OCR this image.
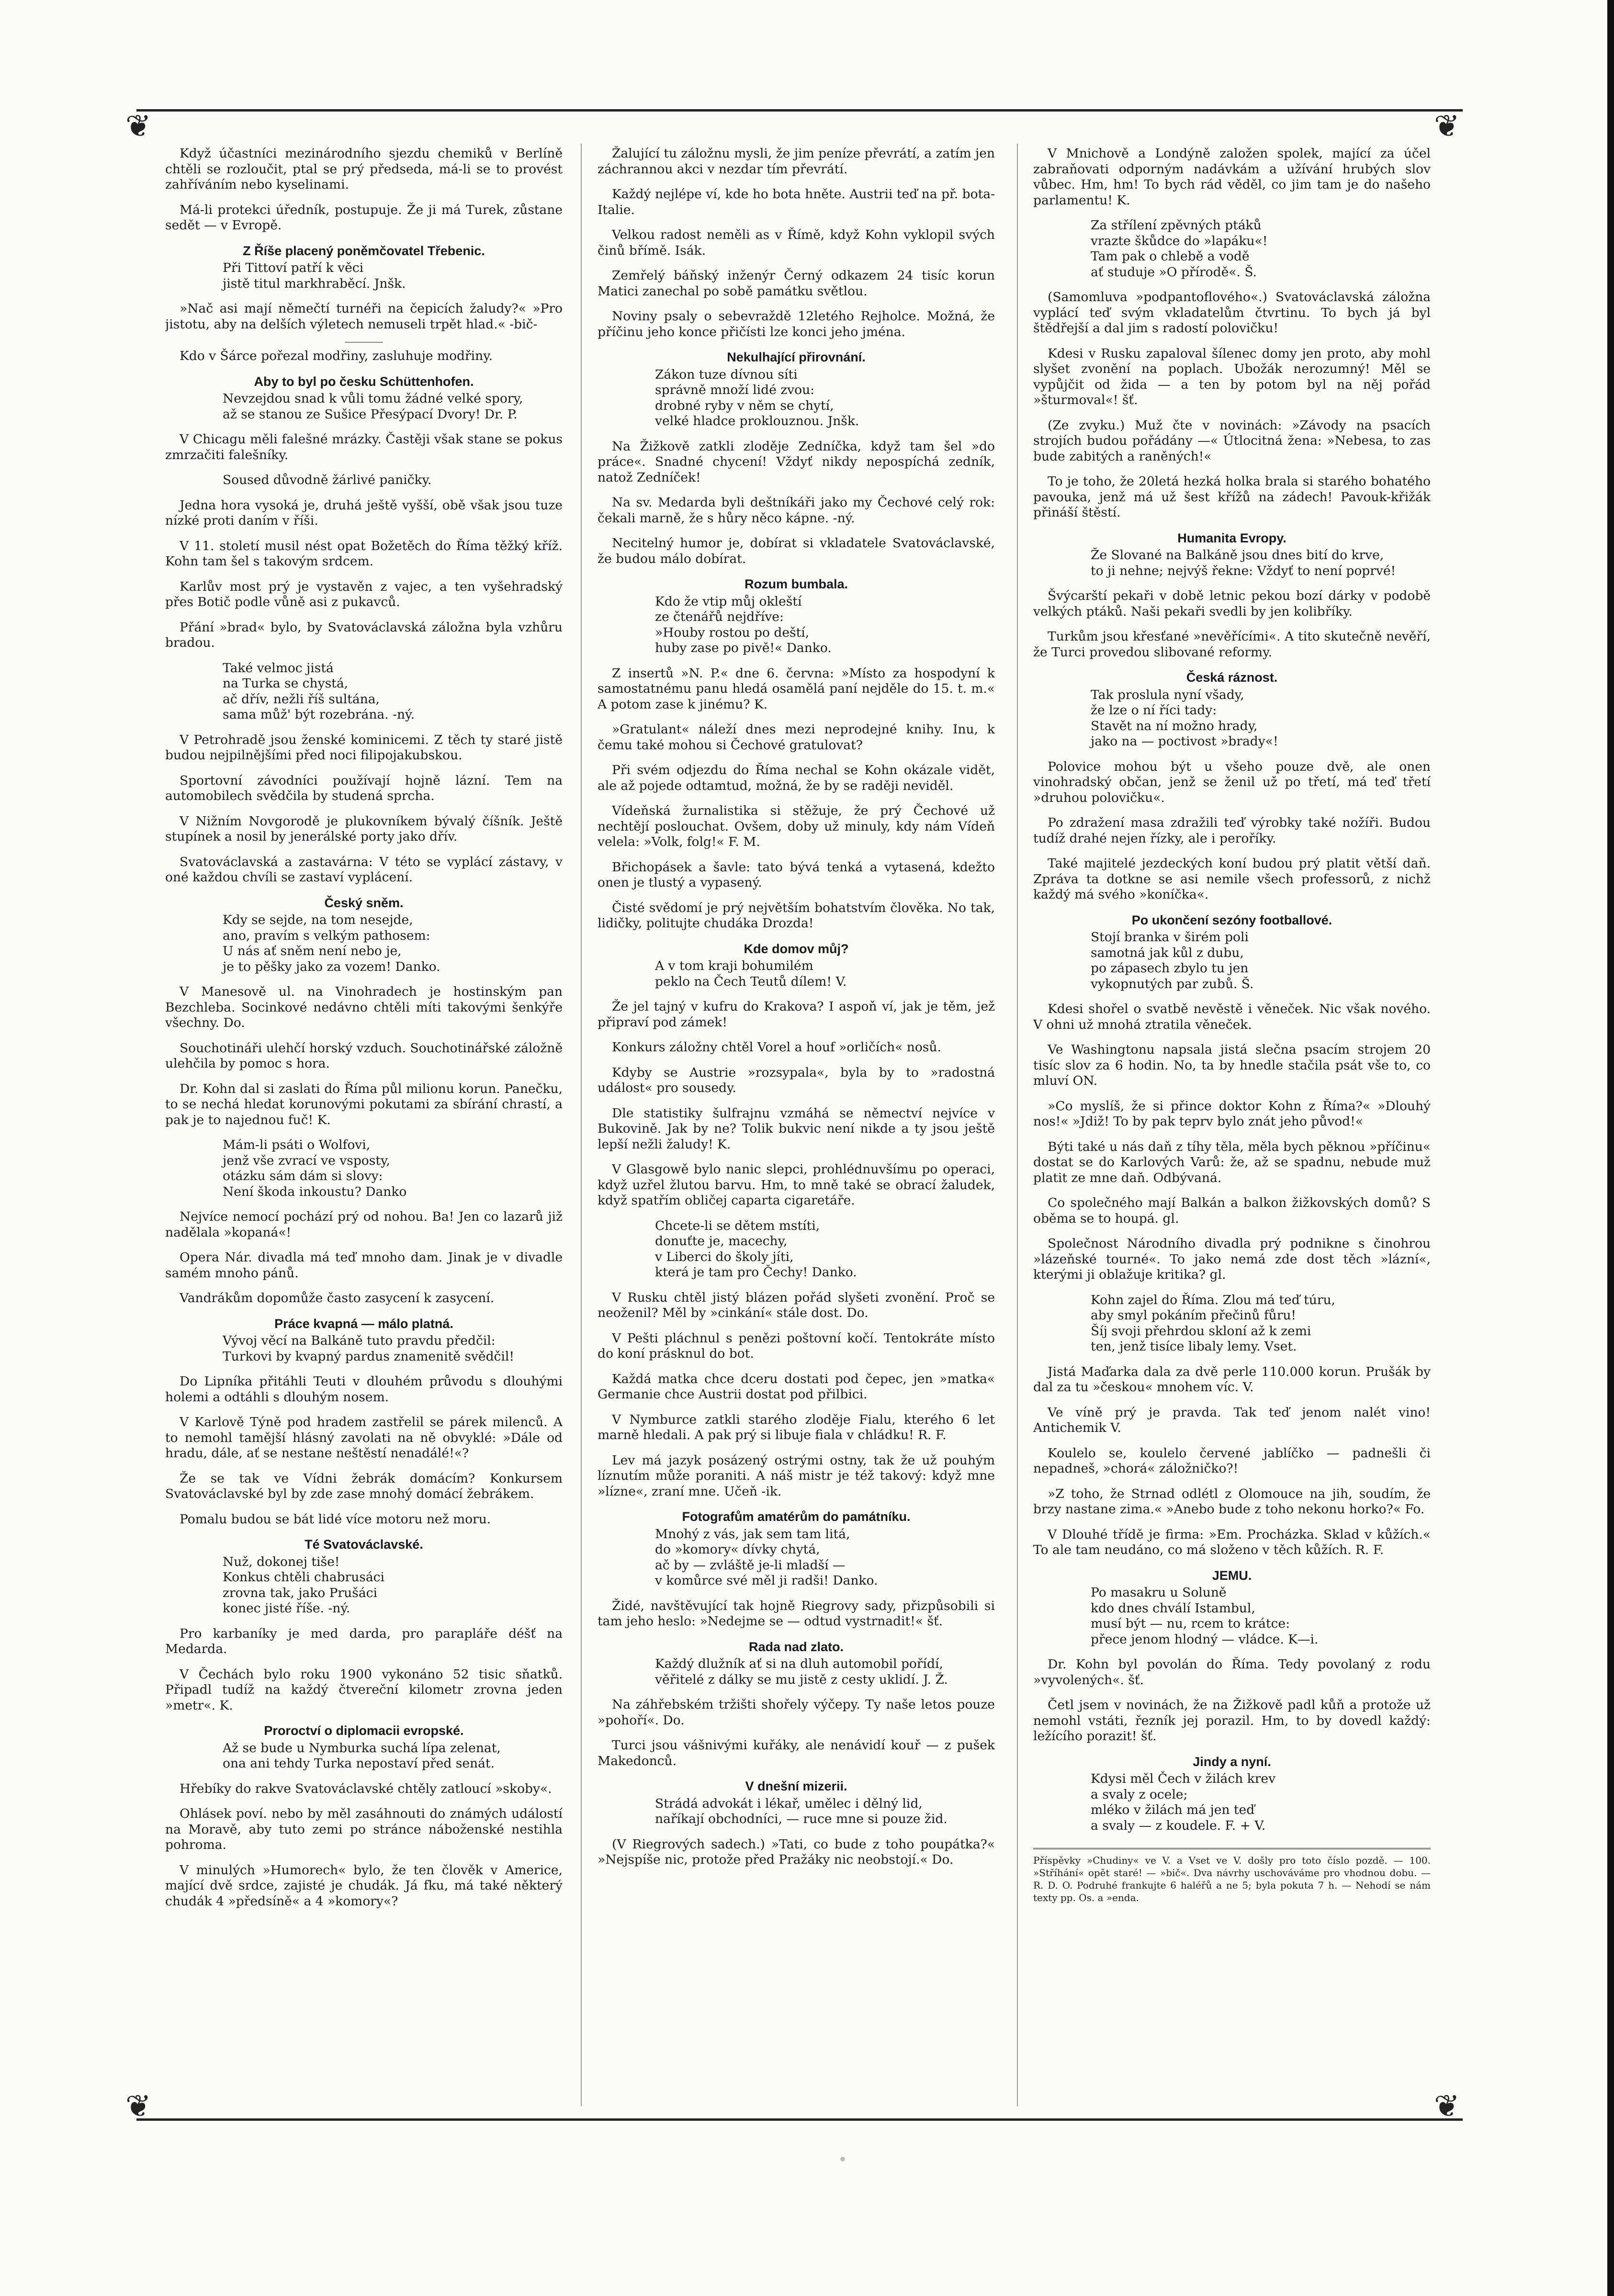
❦	❦
❦	❦
Když účastníci mezinárodního sjezdu chemiků v Berlíně chtěli se rozloučit, ptal se prý předseda, má-li se to provést zahříváním nebo kyselinami.
Má-li protekci úředník, postupuje. Že ji má Turek, zůstane sedět — v Evropě.
Z Říše placený poněmčovatel Třebenic.
Při Tittoví patří k věci
jistě titul markhraběcí. Jnšk.
»Nač asi mají němečtí turnéři na čepicích žaludy?« »Pro jistotu, aby na delších výletech nemuseli trpět hlad.« -bič-
Kdo v Šárce pořezal modřiny, zasluhuje modřiny.
Aby to byl po česku Schüttenhofen.
Nevzejdou snad k vůli tomu žádné velké spory,
až se stanou ze Sušice Přesýpací Dvory! Dr. P.
V Chicagu měli falešné mrázky. Častěji však stane se pokus zmrzačiti falešníky.
Soused důvodně žárlivé paničky.
Jedna hora vysoká je, druhá ještě vyšší, obě však jsou tuze nízké proti daním v říši.
V 11. století musil nést opat Božetěch do Říma těžký kříž. Kohn tam šel s takovým srdcem.
Karlův most prý je vystavěn z vajec, a ten vyšehradský přes Botič podle vůně asi z pukavců.
Přání »brad« bylo, by Svatováclavská záložna byla vzhůru bradou.
Také velmoc jistá
na Turka se chystá,
ač dřív, nežli říš sultána,
sama můž' být rozebrána. -ný.
V Petrohradě jsou ženské kominicemi. Z těch ty staré jistě budou nejpilnějšími před noci filipojakubskou.
Sportovní závodníci používají hojně lázní. Tem na automobilech svědčila by studená sprcha.
V Nižním Novgorodě je plukovníkem bývalý číšník. Ještě stupínek a nosil by jenerálské porty jako dřív.
Svatováclavská a zastavárna: V této se vyplácí zástavy, v oné každou chvíli se zastaví vyplácení.
Český sněm.
Kdy se sejde, na tom nesejde,
ano, pravím s velkým pathosem:
U nás ať sněm není nebo je,
je to pěšky jako za vozem! Danko.
V Manesově ul. na Vinohradech je hostinským pan Bezchleba. Socinkové nedávno chtěli míti takovými šenkýře všechny. Do.
Souchotináři ulehčí horský vzduch. Souchotinářské záložně ulehčila by pomoc s hora.
Dr. Kohn dal si zaslati do Říma půl milionu korun. Panečku, to se nechá hledat korunovými pokutami za sbírání chrastí, a pak je to najednou fuč! K.
Mám-li psáti o Wolfovi,
jenž vše zvrací ve vsposty,
otázku sám dám si slovy:
Není škoda inkoustu? Danko
Nejvíce nemocí pochází prý od nohou. Ba! Jen co lazarů již nadělala »kopaná«!
Opera Nár. divadla má teď mnoho dam. Jinak je v divadle samém mnoho pánů.
Vandrákům dopomůže často zasycení k zasycení.
Práce kvapná — málo platná.
Vývoj věcí na Balkáně tuto pravdu předčil:
Turkovi by kvapný pardus znamenitě svědčil!
Do Lipníka přitáhli Teuti v dlouhém průvodu s dlouhými holemi a odtáhli s dlouhým nosem.
V Karlově Týně pod hradem zastřelil se párek milenců. A to nemohl tamější hlásný zavolati na ně obvyklé: »Dále od hradu, dále, ať se nestane neštěstí nenadálé!«?
Že se tak ve Vídni žebrák domácím? Konkursem Svatováclavské byl by zde zase mnohý domácí žebrákem.
Pomalu budou se bát lidé více motoru než moru.
Té Svatováclavské.
Nuž, dokonej tiše!
Konkus chtěli chabrusáci
zrovna tak, jako Prušáci
konec jisté říše. -ný.
Pro karbaníky je med darda, pro parapláře déšť na Medarda.
V Čechách bylo roku 1900 vykonáno 52 tisic sňatků. Připadl tudíž na každý čtvereční kilometr zrovna jeden »metr«. K.
Proroctví o diplomacii evropské.
Až se bude u Nymburka suchá lípa zelenat,
ona ani tehdy Turka nepostaví před senát.
Hřebíky do rakve Svatováclavské chtěly zatloucí »skoby«.
Ohlásek poví. nebo by měl zasáhnouti do známých událostí na Moravě, aby tuto zemi po stránce náboženské nestihla pohroma.
V minulých »Humorech« bylo, že ten člověk v Americe, mající dvě srdce, zajisté je chudák. Já fku, má také některý chudák 4 »předsíně« a 4 »komory«?
Žalující tu záložnu mysli, že jim peníze převrátí, a zatím jen záchrannou akci v nezdar tím převrátí.
Každý nejlépe ví, kde ho bota hněte. Austrii teď na př. bota-Italie.
Velkou radost neměli as v Římě, když Kohn vyklopil svých činů břímě. Isák.
Zemřelý báňský inženýr Černý odkazem 24 tisíc korun Matici zanechal po sobě památku světlou.
Noviny psaly o sebevraždě 12letého Rejholce. Možná, že příčinu jeho konce přičísti lze konci jeho jména.
Nekulhající přirovnání.
Zákon tuze dívnou síti
správně množí lidé zvou:
drobné ryby v něm se chytí,
velké hladce proklouznou. Jnšk.
Na Žižkově zatkli zloděje Zedníčka, když tam šel »do práce«. Snadné chycení! Vždyť nikdy nepospíchá zedník, natož Zedníček!
Na sv. Medarda byli deštníkáři jako my Čechové celý rok: čekali marně, že s hůry něco kápne. -ný.
Necitelný humor je, dobírat si vkladatele Svatováclavské, že budou málo dobírat.
Rozum bumbala.
Kdo že vtip můj okleští
ze čtenářů nejdříve:
»Houby rostou po deští,
huby zase po pivě!« Danko.
Z insertů »N. P.« dne 6. června: »Místo za hospodyní k samostatnému panu hledá osamělá paní nejděle do 15. t. m.« A potom zase k jinému? K.
»Gratulant« náleží dnes mezi neprodejné knihy. Inu, k čemu také mohou si Čechové gratulovat?
Při svém odjezdu do Říma nechal se Kohn okázale vidět, ale až pojede odtamtud, možná, že by se raději neviděl.
Vídeňská žurnalistika si stěžuje, že prý Čechové už nechtějí poslouchat. Ovšem, doby už minuly, kdy nám Vídeň velela: »Volk, folg!« F. M.
Břichopásek a šavle: tato bývá tenká a vytasená, kdežto onen je tlustý a vypasený.
Čisté svědomí je prý největším bohatstvím člověka. No tak, lidičky, politujte chudáka Drozda!
Kde domov můj?
A v tom kraji bohumilém
peklo na Čech Teutů dílem! V.
Že jel tajný v kufru do Krakova? I aspoň ví, jak je těm, jež připraví pod zámek!
Konkurs záložny chtěl Vorel a houf »orličích« nosů.
Kdyby se Austrie »rozsypala«, byla by to »radostná událost« pro sousedy.
Dle statistiky šulfrajnu vzmáhá se němectví nejvíce v Bukovině. Jak by ne? Tolik bukvic není nikde a ty jsou ještě lepší nežli žaludy! K.
V Glasgowě bylo nanic slepci, prohlédnuvšímu po operaci, když uzřel žlutou barvu. Hm, to mně také se obrací žaludek, když spatřím obličej caparta cigaretáře.
Chcete-li se dětem mstíti,
donuťte je, macechy,
v Liberci do školy jíti,
která je tam pro Čechy! Danko.
V Rusku chtěl jistý blázen pořád slyšeti zvonění. Proč se neoženil? Měl by »cinkání« stále dost. Do.
V Pešti pláchnul s penězi poštovní kočí. Tentokráte místo do koní prásknul do bot.
Každá matka chce dceru dostati pod čepec, jen »matka« Germanie chce Austrii dostat pod přilbici.
V Nymburce zatkli starého zloděje Fialu, kterého 6 let marně hledali. A pak prý si libuje fiala v chládku! R. F.
Lev má jazyk posázený ostrými ostny, tak že už pouhým líznutím může poraniti. A náš mistr je též takový: když mne »lízne«, zraní mne. Učeň -ik.
Fotografům amatérům do památníku.
Mnohý z vás, jak sem tam litá,
do »komory« dívky chytá,
ač by — zvláště je-li mladší —
v komůrce své měl ji radši! Danko.
Židé, navštěvující tak hojně Riegrovy sady, přizpůsobili si tam jeho heslo: »Nedejme se — odtud vystrnadit!« šť.
Rada nad zlato.
Každý dlužník ať si na dluh automobil pořídí,
věřitelé z dálky se mu jistě z cesty uklidí. J. Ž.
Na záhřebském tržišti shořely výčepy. Ty naše letos pouze »pohoří«. Do.
Turci jsou vášnivými kuřáky, ale nenávidí kouř — z pušek Makedonců.
V dnešní mizerii.
Strádá advokát i lékař, umělec i dělný lid,
naříkají obchodníci, — ruce mne si pouze žid.
(V Riegrových sadech.) »Tati, co bude z toho poupátka?« »Nejspíše nic, protože před Pražáky nic neobstojí.« Do.
V Mnichově a Londýně založen spolek, mající za účel zabraňovati odporným nadávkám a užívání hrubých slov vůbec. Hm, hm! To bych rád věděl, co jim tam je do našeho parlamentu! K.
Za střílení zpěvných ptáků
vrazte škůdce do »lapáku«!
Tam pak o chlebě a vodě
ať studuje »O přírodě«. Š.
(Samomluva »podpantoflového«.) Svatováclavská záložna vyplácí teď svým vkladatelům čtvrtinu. To bych já byl štědřejší a dal jim s radostí polovičku!
Kdesi v Rusku zapaloval šílenec domy jen proto, aby mohl slyšet zvonění na poplach. Ubožák nerozumný! Měl se vypůjčit od žida — a ten by potom byl na něj pořád »šturmoval«! šť.
(Ze zvyku.) Muž čte v novinách: »Závody na psacích strojích budou pořádány —« Útlocitná žena: »Nebesa, to zas bude zabitých a raněných!«
To je toho, že 20letá hezká holka brala si starého bohatého pavouka, jenž má už šest křížů na zádech! Pavouk-křižák přináší štěstí.
Humanita Evropy.
Že Slované na Balkáně jsou dnes bití do krve,
to ji nehne; nejvýš řekne: Vždyť to není poprvé!
Švýcarští pekaři v době letnic pekou bozí dárky v podobě velkých ptáků. Naši pekaři svedli by jen kolibříky.
Turkům jsou křesťané »nevěřícími«. A tito skutečně nevěří, že Turci provedou slibované reformy.
Česká ráznost.
Tak proslula nyní všady,
že lze o ní říci tady:
Stavět na ní možno hrady,
jako na — poctivost »brady«!
Polovice mohou být u všeho pouze dvě, ale onen vinohradský občan, jenž se ženil už po třetí, má teď třetí »druhou polovičku«.
Po zdražení masa zdražili teď výrobky také nožíři. Budou tudíž drahé nejen řízky, ale i peroříky.
Také majitelé jezdeckých koní budou prý platit větší daň. Zpráva ta dotkne se asi nemile všech professorů, z nichž každý má svého »koníčka«.
Po ukončení sezóny footballové.
Stojí branka v širém poli
samotná jak kůl z dubu,
po zápasech zbylo tu jen
vykopnutých par zubů. Š.
Kdesi shořel o svatbě nevěstě i věneček. Nic však nového. V ohni už mnohá ztratila věneček.
Ve Washingtonu napsala jistá slečna psacím strojem 20 tisíc slov za 6 hodin. No, ta by hnedle stačila psát vše to, co mluví ON.
»Co myslíš, že si přince doktor Kohn z Říma?« »Dlouhý nos!« »Jdiž! To by pak teprv bylo znát jeho původ!«
Býti také u nás daň z tíhy těla, měla bych pěknou »příčinu« dostat se do Karlových Varů: že, až se spadnu, nebude muž platit ze mne daň. Odbývaná.
Co společného mají Balkán a balkon žižkovských domů? S oběma se to houpá. gl.
Společnost Národního divadla prý podnikne s činohrou »lázeňské tourné«. To jako nemá zde dost těch »lázní«, kterými ji oblažuje kritika? gl.
Kohn zajel do Říma. Zlou má teď túru,
aby smyl pokáním přečinů fůru!
Šíj svoji přehrdou skloní až k zemi
ten, jenž tisíce libaly lemy. Vset.
Jistá Maďarka dala za dvě perle 110.000 korun. Prušák by dal za tu »českou« mnohem víc. V.
Ve víně prý je pravda. Tak teď jenom nalét vino! Antichemik V.
Koulelo se, koulelo červené jablíčko — padnešli či nepadneš, »chorá« záložničko?!
»Z toho, že Strnad odlétl z Olomouce na jih, soudím, že brzy nastane zima.« »Anebo bude z toho nekonu horko?« Fo.
V Dlouhé třídě je firma: »Em. Procházka. Sklad v kůžích.« To ale tam neudáno, co má složeno v těch kůžích. R. F.
JEMU.
Po masakru u Soluně
kdo dnes chválí Istambul,
musí být — nu, rcem to krátce:
přece jenom hlodný — vládce. K—i.
Dr. Kohn byl povolán do Říma. Tedy povolaný z rodu »vyvolených«. šť.
Četl jsem v novinách, že na Žižkově padl kůň a protože už nemohl vstáti, řezník jej porazil. Hm, to by dovedl každý: ležícího porazit! šť.
Jindy a nyní.
Kdysi měl Čech v žilách krev
a svaly z ocele;
mléko v žilách má jen teď
a svaly — z koudele. F. + V.
Příspěvky »Chudiny« ve V. a Vset ve V. došly pro toto číslo pozdě. — 100. »Stříhání« opět staré! — »bič«. Dva návrhy uschováváme pro vhodnou dobu. — R. D. O. Podruhé frankujte 6 haléřů a ne 5; byla pokuta 7 h. — Nehodí se nám texty pp. Os. a »enda.
